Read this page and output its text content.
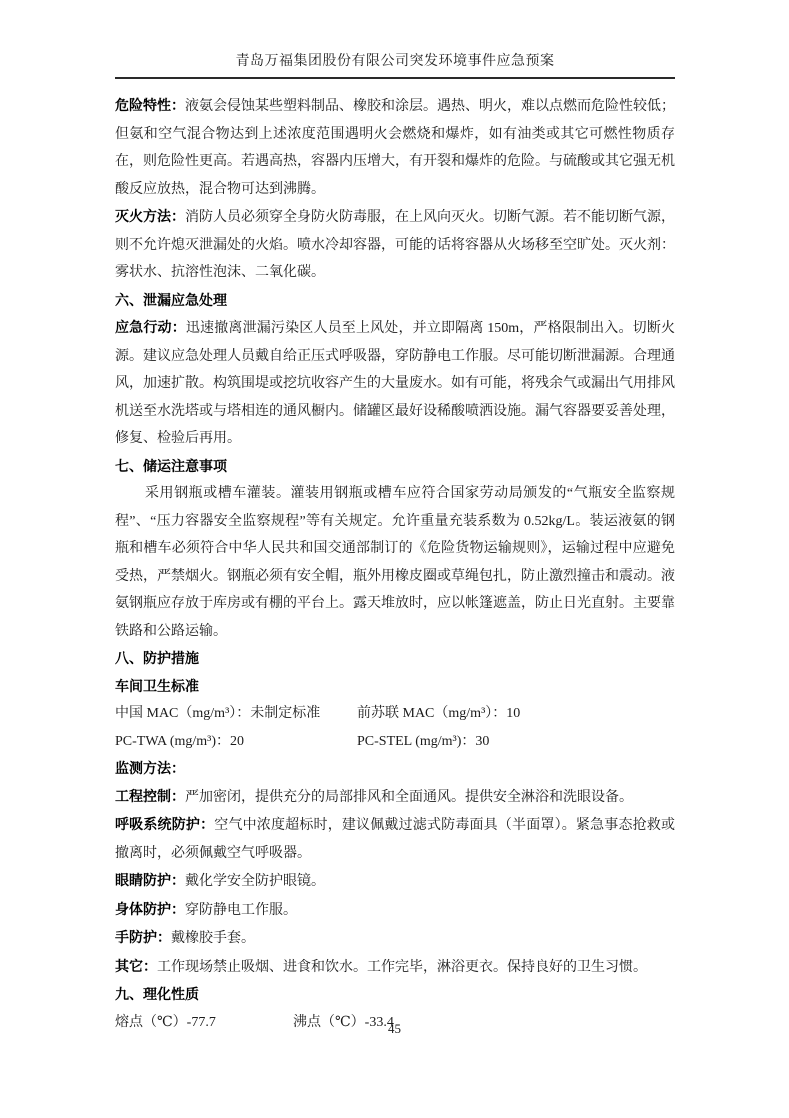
青岛万福集团股份有限公司突发环境事件应急预案

危险特性：液氨会侵蚀某些塑料制品、橡胶和涂层。遇热、明火，难以点燃而危险性较低；但氨和空气混合物达到上述浓度范围遇明火会燃烧和爆炸，如有油类或其它可燃性物质存在，则危险性更高。若遇高热，容器内压增大，有开裂和爆炸的危险。与硫酸或其它强无机酸反应放热，混合物可达到沸腾。

灭火方法：消防人员必须穿全身防火防毒服，在上风向灭火。切断气源。若不能切断气源，则不允许熄灭泄漏处的火焰。喷水冷却容器，可能的话将容器从火场移至空旷处。灭火剂：雾状水、抗溶性泡沫、二氧化碳。

六、泄漏应急处理

应急行动：迅速撤离泄漏污染区人员至上风处，并立即隔离 150m，严格限制出入。切断火源。建议应急处理人员戴自给正压式呼吸器，穿防静电工作服。尽可能切断泄漏源。合理通风，加速扩散。构筑围堤或挖坑收容产生的大量废水。如有可能，将残余气或漏出气用排风机送至水洗塔或与塔相连的通风橱内。储罐区最好设稀酸喷洒设施。漏气容器要妥善处理，修复、检验后再用。

七、储运注意事项

采用钢瓶或槽车灌装。灌装用钢瓶或槽车应符合国家劳动局颁发的“气瓶安全监察规程”、“压力容器安全监察规程”等有关规定。允许重量充装系数为 0.52kg/L。装运液氨的钢瓶和槽车必须符合中华人民共和国交通部制订的《危险货物运输规则》，运输过程中应避免受热，严禁烟火。钢瓶必须有安全帽，瓶外用橡皮圈或草绳包扎，防止激烈撞击和震动。液氨钢瓶应存放于库房或有棚的平台上。露天堆放时，应以帐篷遮盖，防止日光直射。主要靠铁路和公路运输。

八、防护措施

车间卫生标准

中国 MAC（mg/m³）：未制定标准	前苏联 MAC（mg/m³）：10
PC-TWA (mg/m³)：20	PC-STEL (mg/m³)：30

监测方法：

工程控制：严加密闭，提供充分的局部排风和全面通风。提供安全淋浴和洗眼设备。

呼吸系统防护：空气中浓度超标时，建议佩戴过滤式防毒面具（半面罩）。紧急事态抢救或撤离时，必须佩戴空气呼吸器。

眼睛防护：戴化学安全防护眼镜。

身体防护：穿防静电工作服。

手防护：戴橡胶手套。

其它：工作现场禁止吸烟、进食和饮水。工作完毕，淋浴更衣。保持良好的卫生习惯。

九、理化性质

熔点（℃）-77.7	沸点（℃）-33.4
45
